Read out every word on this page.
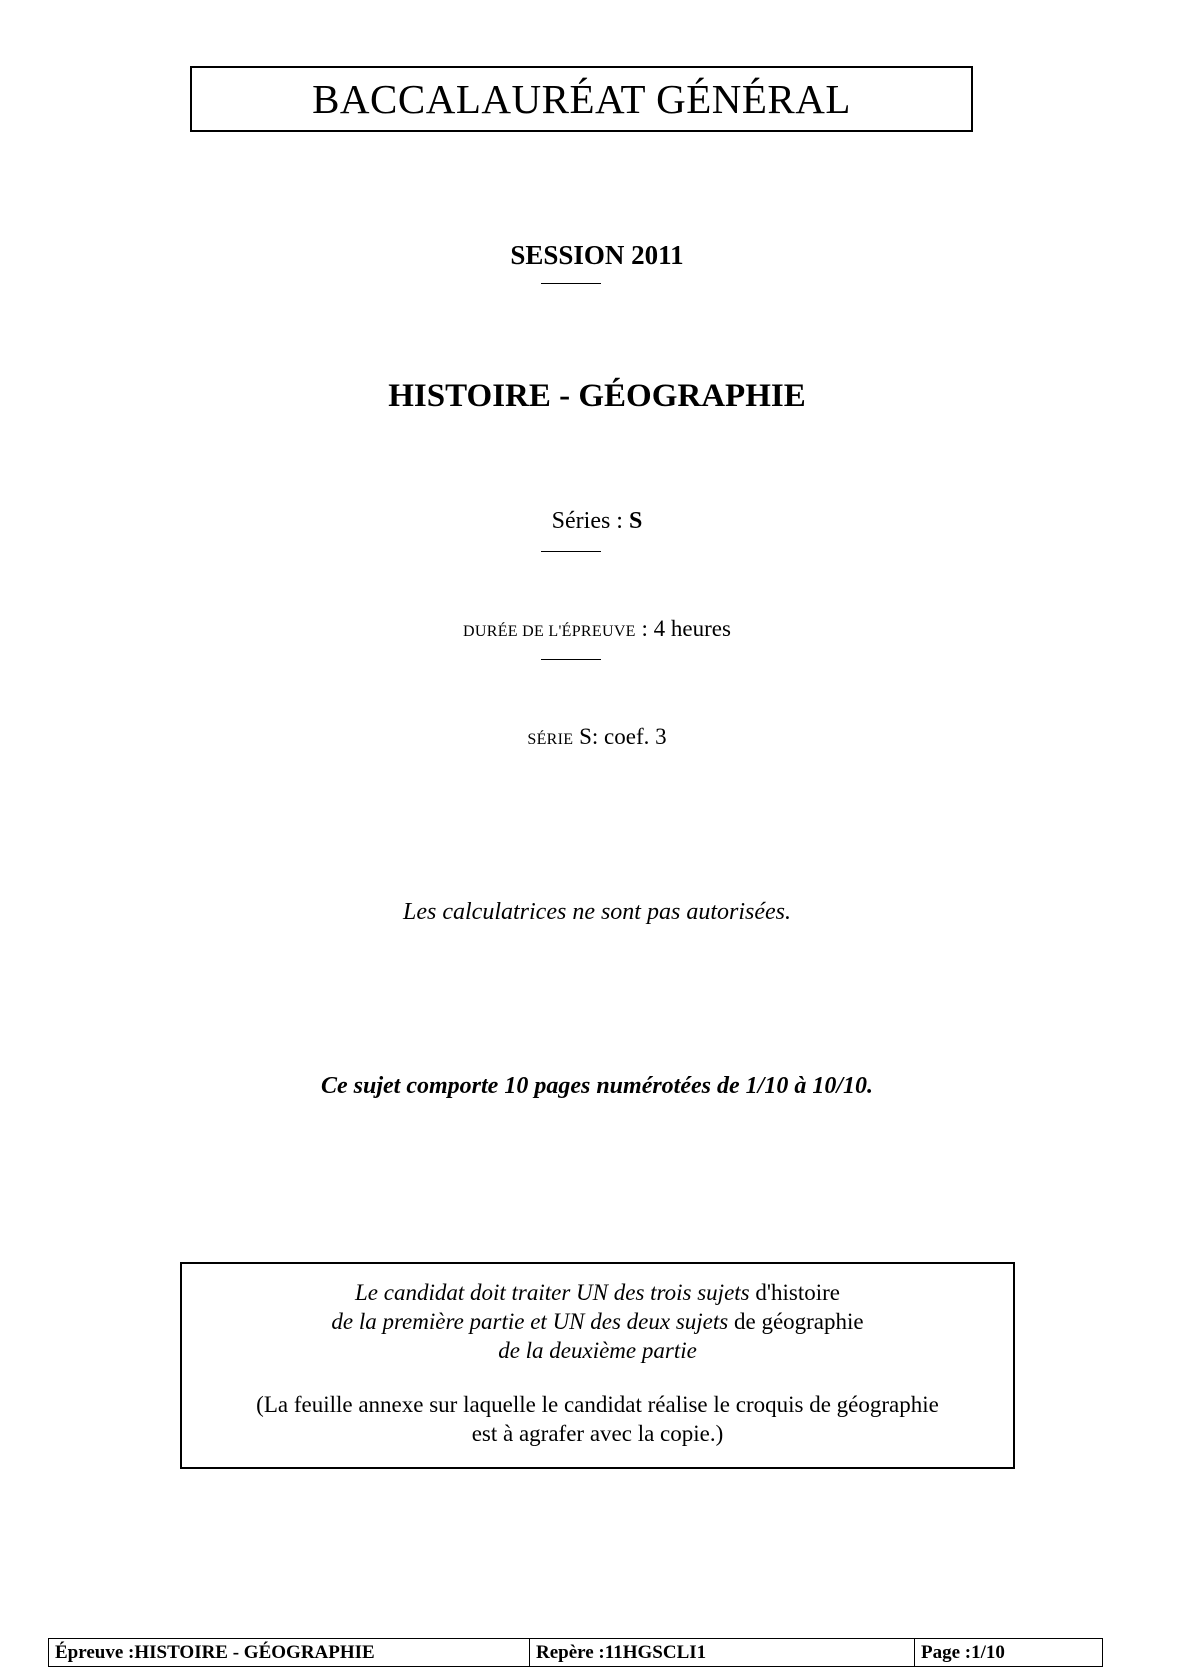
BACCALAURÉAT GÉNÉRAL
SESSION 2011
HISTOIRE - GÉOGRAPHIE
Séries : S
DURÉE DE L'ÉPREUVE : 4 heures
SÉRIE S: coef. 3
Les calculatrices ne sont pas autorisées.
Ce sujet comporte 10 pages numérotées de 1/10 à 10/10.
Le candidat doit traiter UN des trois sujets d'histoire
de la première partie et UN des deux sujets de géographie
de la deuxième partie
(La feuille annexe sur laquelle le candidat réalise le croquis de géographie
est à agrafer avec la copie.)
Épreuve : HISTOIRE - GÉOGRAPHIE	Repère : 11HGSCLI1	Page : 1/10
